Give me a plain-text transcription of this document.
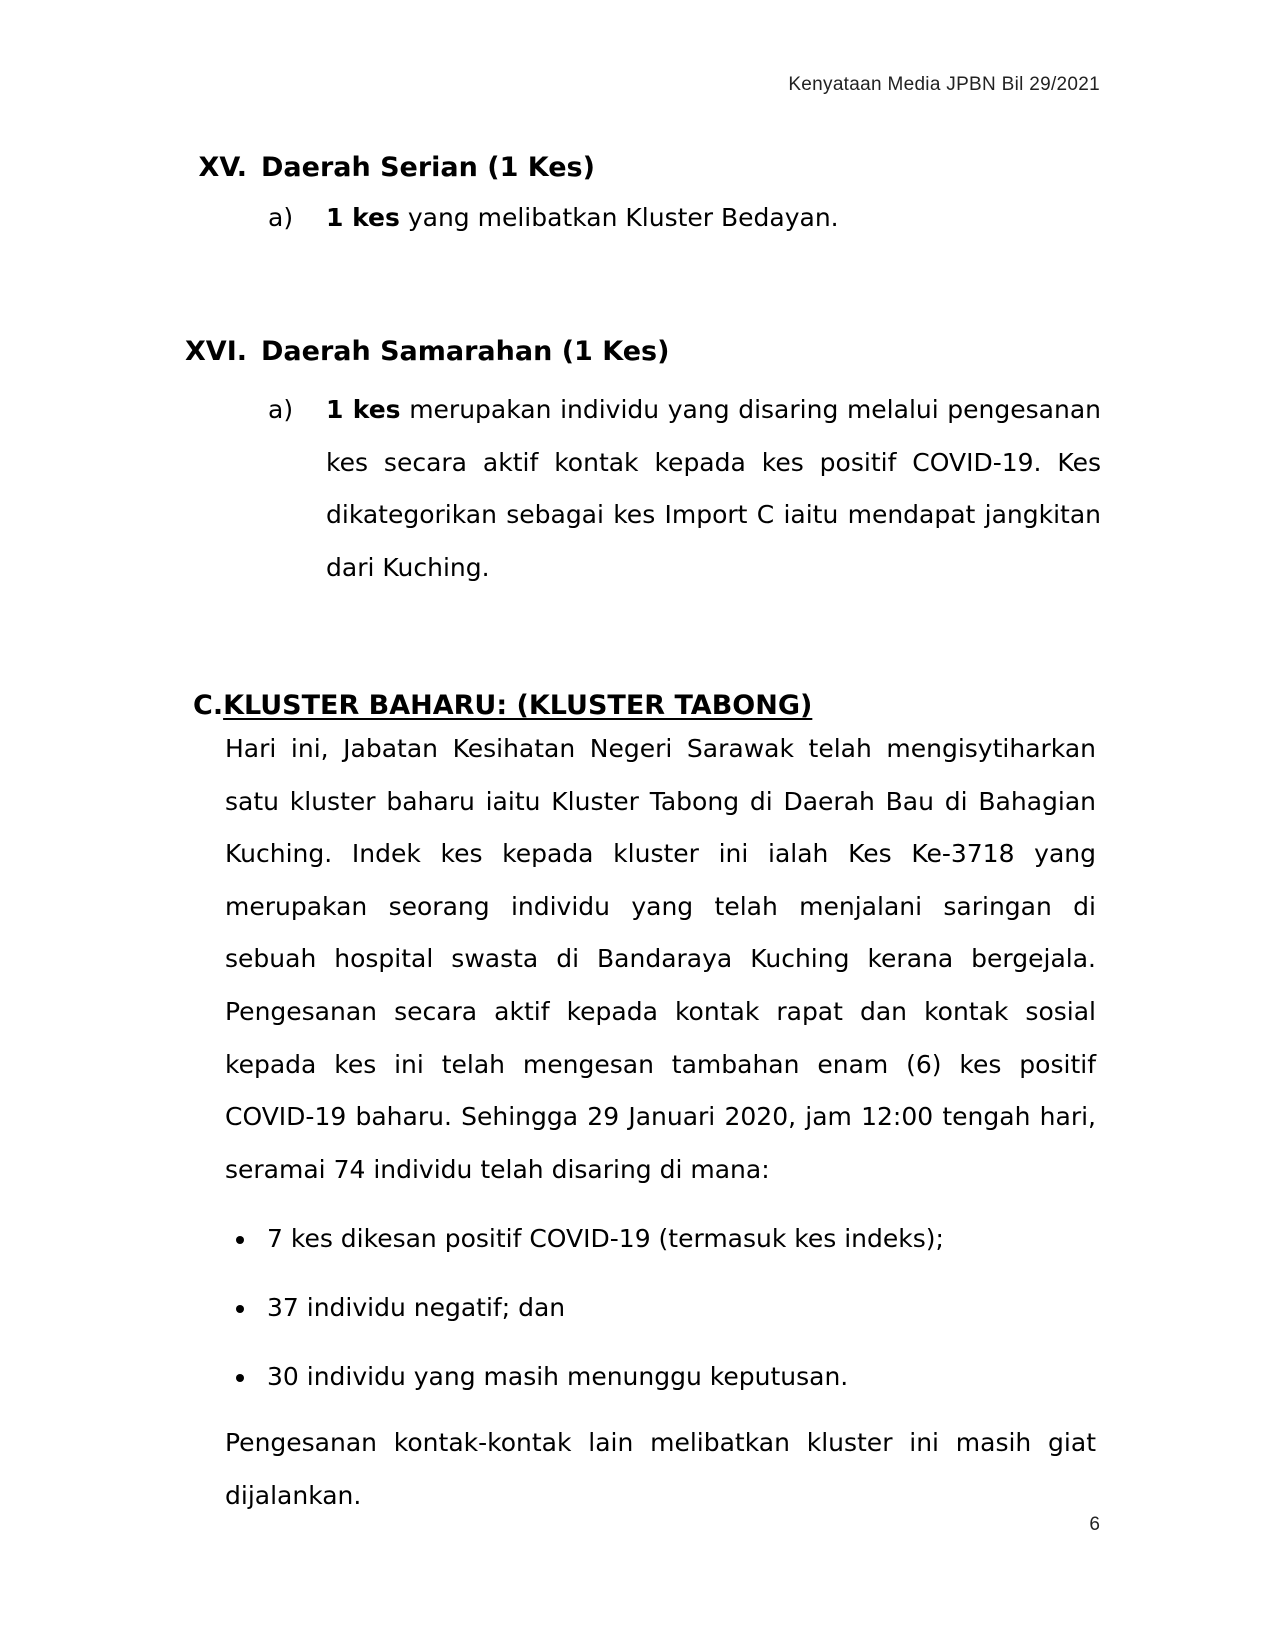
Kenyataan Media JPBN Bil 29/2021
XV. Daerah Serian (1 Kes)
a) 1 kes yang melibatkan Kluster Bedayan.
XVI. Daerah Samarahan (1 Kes)
a) 1 kes merupakan individu yang disaring melalui pengesanan kes secara aktif kontak kepada kes positif COVID-19. Kes dikategorikan sebagai kes Import C iaitu mendapat jangkitan dari Kuching.
C.KLUSTER BAHARU: (KLUSTER TABONG)
Hari ini, Jabatan Kesihatan Negeri Sarawak telah mengisytiharkan satu kluster baharu iaitu Kluster Tabong di Daerah Bau di Bahagian Kuching. Indek kes kepada kluster ini ialah Kes Ke-3718 yang merupakan seorang individu yang telah menjalani saringan di sebuah hospital swasta di Bandaraya Kuching kerana bergejala. Pengesanan secara aktif kepada kontak rapat dan kontak sosial kepada kes ini telah mengesan tambahan enam (6) kes positif COVID-19 baharu. Sehingga 29 Januari 2020, jam 12:00 tengah hari, seramai 74 individu telah disaring di mana:
7 kes dikesan positif COVID-19 (termasuk kes indeks);
37 individu negatif; dan
30 individu yang masih menunggu keputusan.
Pengesanan kontak-kontak lain melibatkan kluster ini masih giat dijalankan.
6
